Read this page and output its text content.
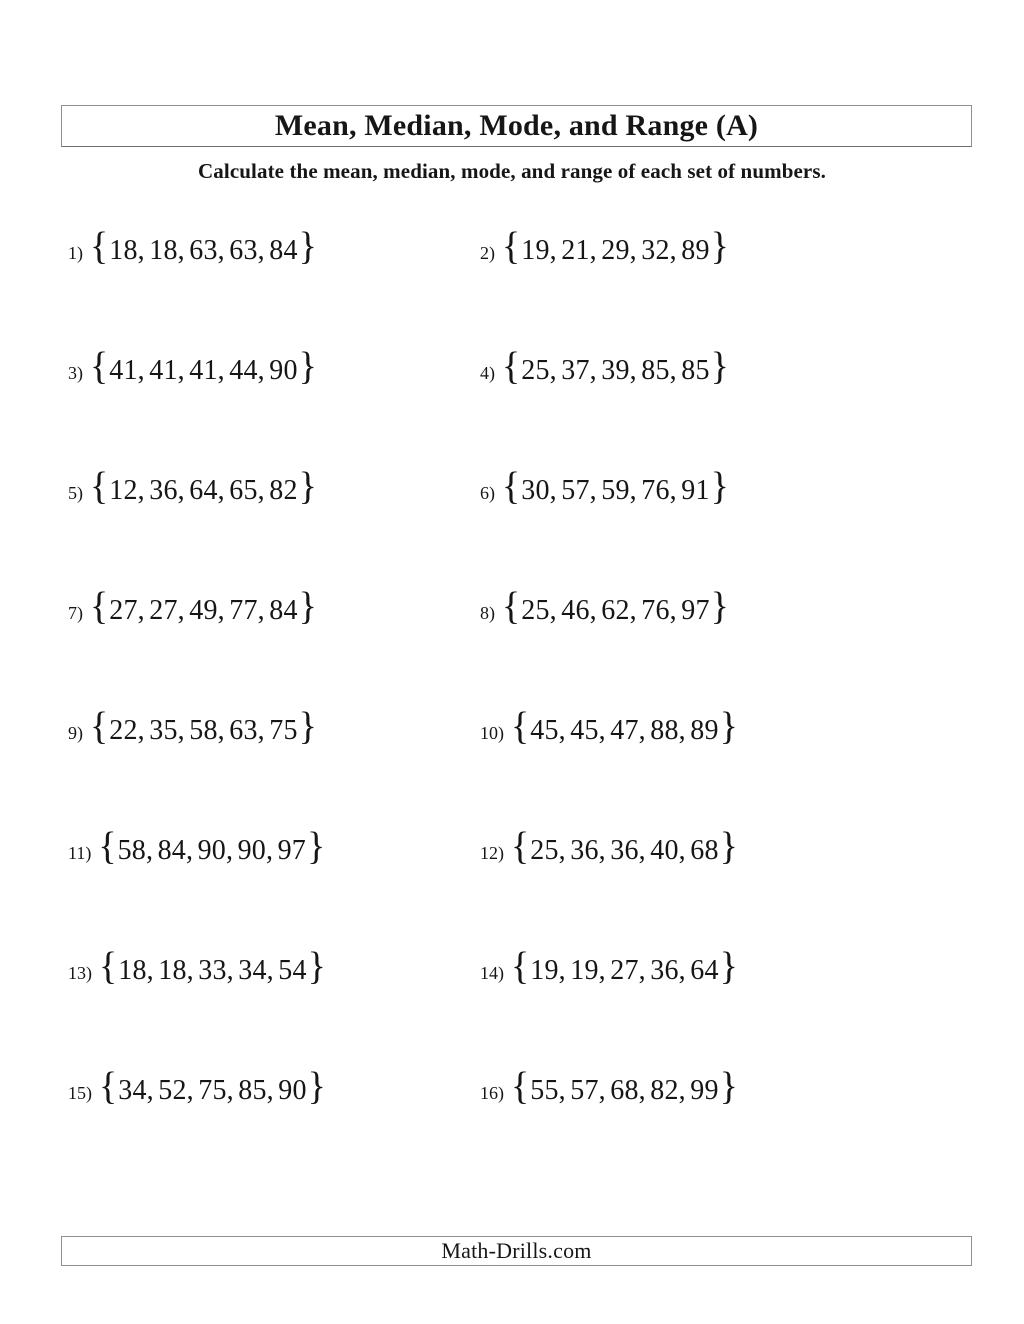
Mean, Median, Mode, and Range (A)
Calculate the mean, median, mode, and range of each set of numbers.
1) { 18, 18, 63, 63, 84 }	2) { 19, 21, 29, 32, 89 }
3) { 41, 41, 41, 44, 90 }	4) { 25, 37, 39, 85, 85 }
5) { 12, 36, 64, 65, 82 }	6) { 30, 57, 59, 76, 91 }
7) { 27, 27, 49, 77, 84 }	8) { 25, 46, 62, 76, 97 }
9) { 22, 35, 58, 63, 75 }	10) { 45, 45, 47, 88, 89 }
11) { 58, 84, 90, 90, 97 }	12) { 25, 36, 36, 40, 68 }
13) { 18, 18, 33, 34, 54 }	14) { 19, 19, 27, 36, 64 }
15) { 34, 52, 75, 85, 90 }	16) { 55, 57, 68, 82, 99 }
Math-Drills.com
